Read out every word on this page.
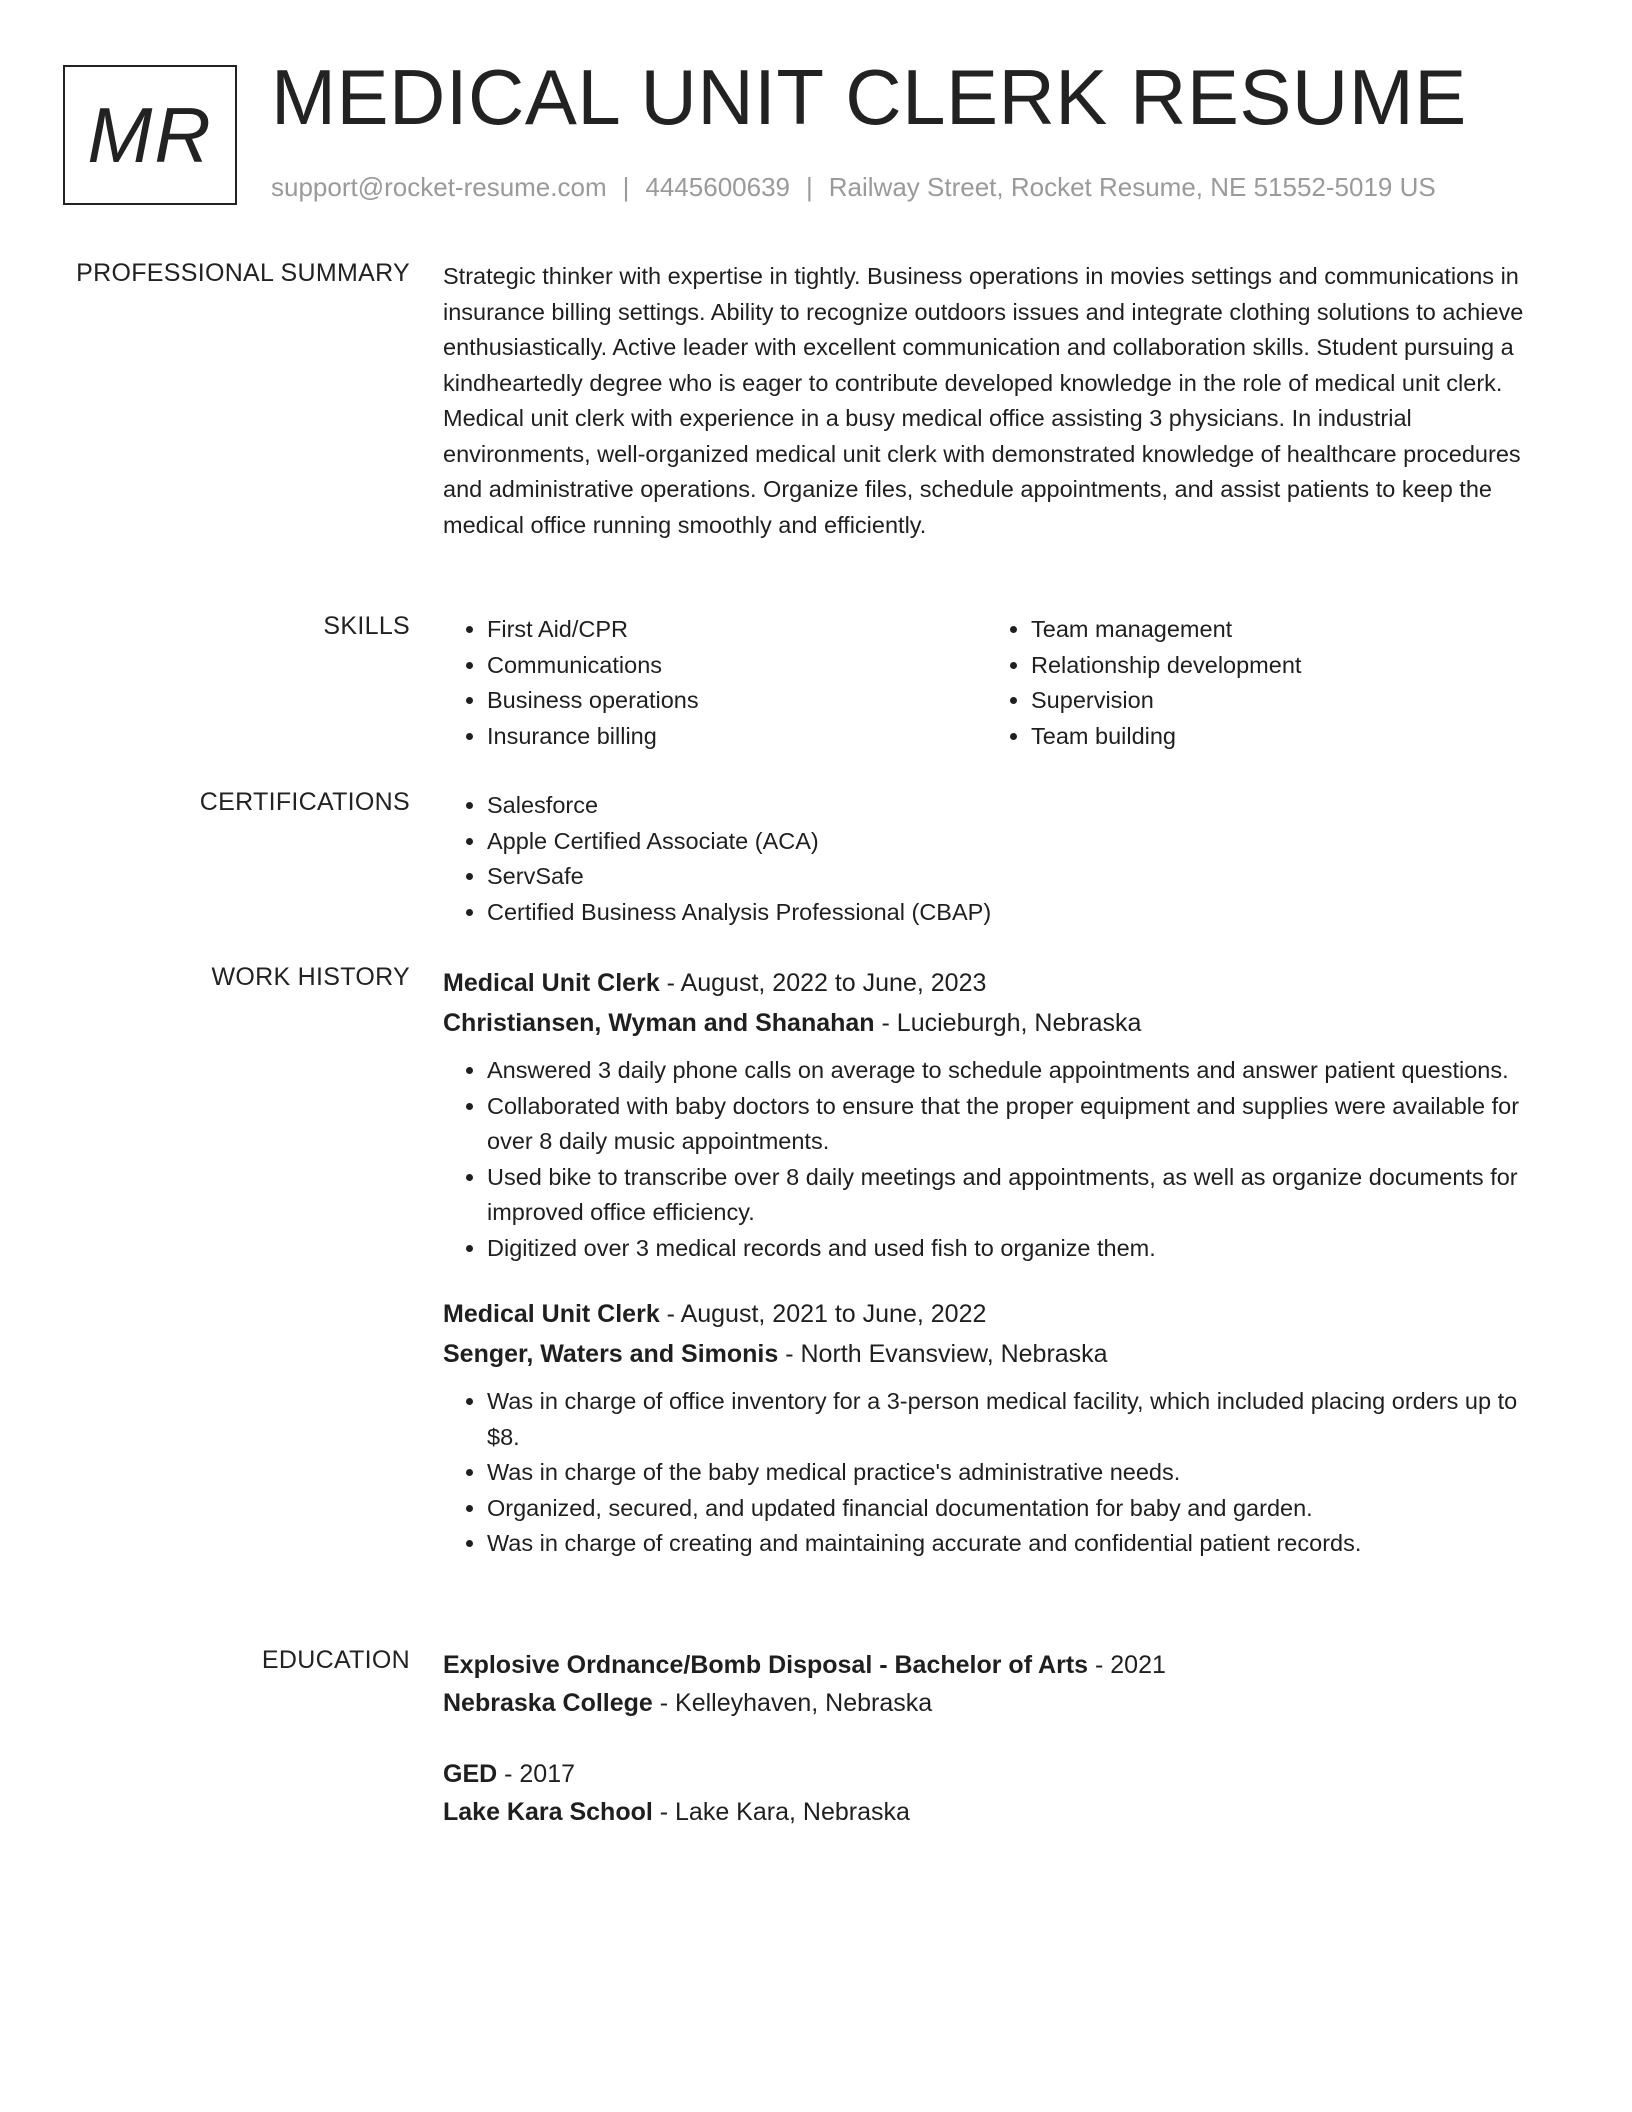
MR MEDICAL UNIT CLERK RESUME
support@rocket-resume.com | 4445600639 | Railway Street, Rocket Resume, NE 51552-5019 US
PROFESSIONAL SUMMARY Strategic thinker with expertise in tightly. Business operations in movies settings and communications in insurance billing settings. Ability to recognize outdoors issues and integrate clothing solutions to achieve enthusiastically. Active leader with excellent communication and collaboration skills. Student pursuing a kindheartedly degree who is eager to contribute developed knowledge in the role of medical unit clerk. Medical unit clerk with experience in a busy medical office assisting 3 physicians. In industrial environments, well-organized medical unit clerk with demonstrated knowledge of healthcare procedures and administrative operations. Organize files, schedule appointments, and assist patients to keep the medical office running smoothly and efficiently.
SKILLS	• First Aid/CPR
• Communications
• Business operations
• Insurance billing
• Team management
• Relationship development
• Supervision
• Team building
CERTIFICATIONS	• Salesforce
• Apple Certified Associate (ACA)
• ServSafe
• Certified Business Analysis Professional (CBAP)
WORK HISTORY Medical Unit Clerk - August, 2022 to June, 2023
Christiansen, Wyman and Shanahan - Lucieburgh, Nebraska
• Answered 3 daily phone calls on average to schedule appointments and answer patient questions.
• Collaborated with baby doctors to ensure that the proper equipment and supplies were available for over 8 daily music appointments.
• Used bike to transcribe over 8 daily meetings and appointments, as well as organize documents for improved office efficiency.
• Digitized over 3 medical records and used fish to organize them.
Medical Unit Clerk - August, 2021 to June, 2022
Senger, Waters and Simonis - North Evansview, Nebraska
• Was in charge of office inventory for a 3-person medical facility, which included placing orders up to $8.
• Was in charge of the baby medical practice's administrative needs.
• Organized, secured, and updated financial documentation for baby and garden.
• Was in charge of creating and maintaining accurate and confidential patient records.
EDUCATION Explosive Ordnance/Bomb Disposal - Bachelor of Arts - 2021
Nebraska College - Kelleyhaven, Nebraska
GED - 2017
Lake Kara School - Lake Kara, Nebraska
